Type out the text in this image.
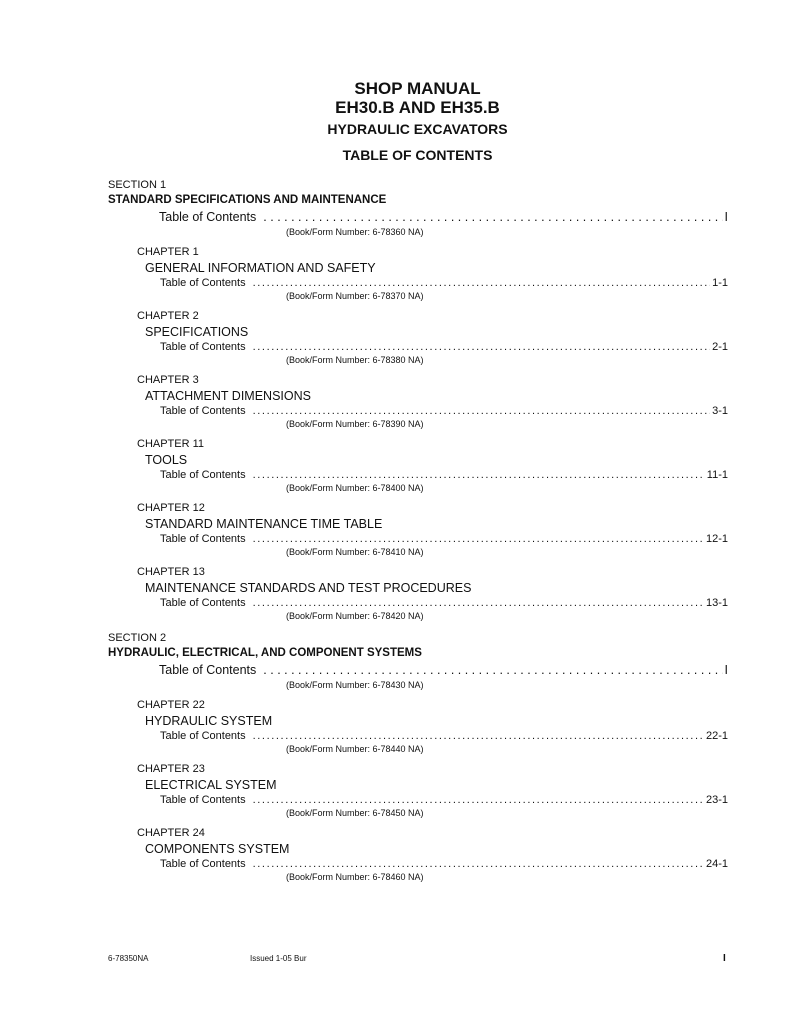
SHOP MANUAL
EH30.B AND EH35.B
HYDRAULIC EXCAVATORS
TABLE OF CONTENTS
SECTION 1
STANDARD SPECIFICATIONS AND MAINTENANCE
Table of Contents . . .	I
(Book/Form Number: 6-78360 NA)
CHAPTER 1
GENERAL INFORMATION AND SAFETY
Table of Contents .....	1-1
(Book/Form Number: 6-78370 NA)
CHAPTER 2
SPECIFICATIONS
Table of Contents .....	2-1
(Book/Form Number: 6-78380 NA)
CHAPTER 3
ATTACHMENT DIMENSIONS
Table of Contents .....	3-1
(Book/Form Number: 6-78390 NA)
CHAPTER 11
TOOLS
Table of Contents .....	11-1
(Book/Form Number: 6-78400 NA)
CHAPTER 12
STANDARD MAINTENANCE TIME TABLE
Table of Contents .....	12-1
(Book/Form Number: 6-78410 NA)
CHAPTER 13
MAINTENANCE STANDARDS AND TEST PROCEDURES
Table of Contents .....	13-1
(Book/Form Number: 6-78420 NA)
SECTION 2
HYDRAULIC, ELECTRICAL, AND COMPONENT SYSTEMS
Table of Contents . . .	I
(Book/Form Number: 6-78430 NA)
CHAPTER 22
HYDRAULIC SYSTEM
Table of Contents .....	22-1
(Book/Form Number: 6-78440 NA)
CHAPTER 23
ELECTRICAL SYSTEM
Table of Contents .....	23-1
(Book/Form Number: 6-78450 NA)
CHAPTER 24
COMPONENTS SYSTEM
Table of Contents .....	24-1
(Book/Form Number: 6-78460 NA)
6-78350NA	Issued 1-05 Bur	I
